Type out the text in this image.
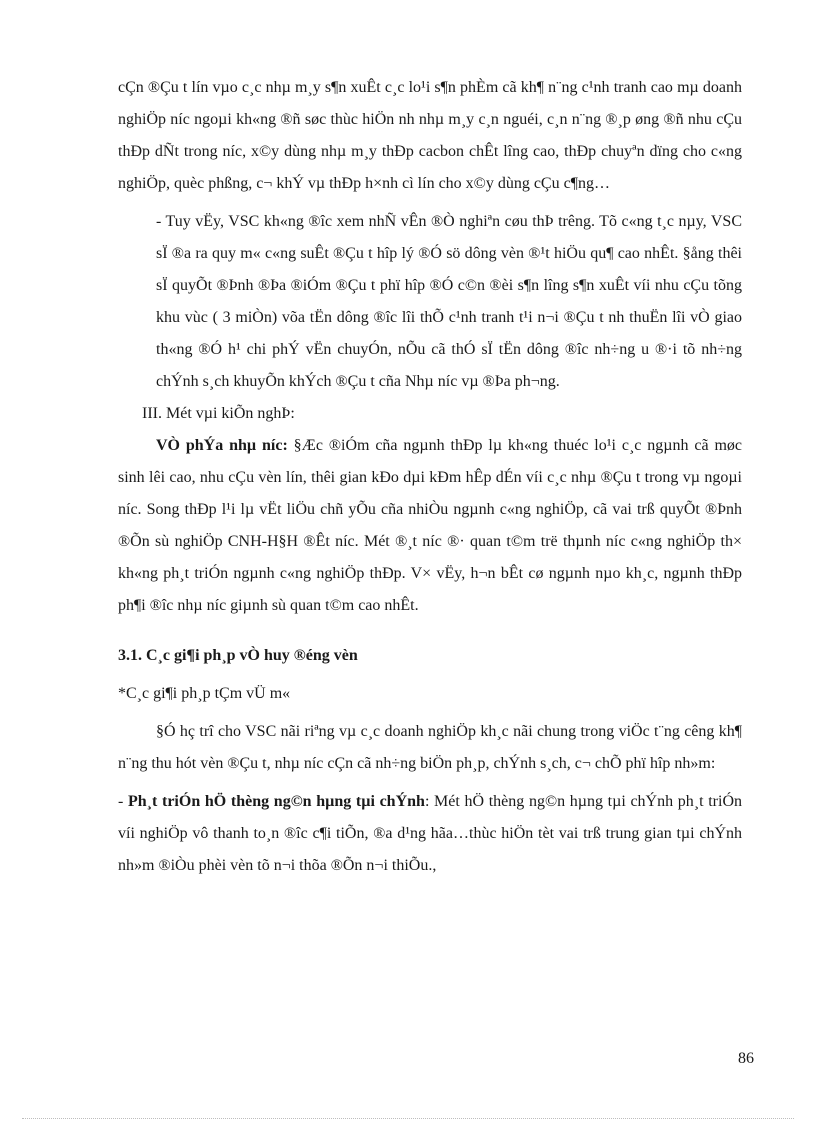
cÇn ®Çu t lín vµo c¸c nhµ m¸y s¶n xuÊt c¸c lo¹i s¶n phÈm cã kh¶ n¨ng c¹nh tranh cao mµ doanh nghiÖp níc ngoµi kh«ng ®ñ søc thùc hiÖn nh nhµ m¸y c¸n nguéi, c¸n n¨ng ®¸p øng ®ñ nhu cÇu thÐp dÑt trong níc, x©y dùng nhµ m¸y thÐp cacbon chÊt lîng cao, thÐp chuyªn dïng cho c«ng nghiÖp, quèc phßng, c¬ khÝ vµ thÐp h×nh cì lín cho x©y dùng cÇu c¶ng…

- Tuy vËy, VSC kh«ng ®îc xem nhÑ vÊn ®Ò nghiªn cøu thÞ trêng. Tõ c«ng t¸c nµy, VSC sÏ ®a ra quy m« c«ng suÊt ®Çu t hîp lý ®Ó sö dông vèn ®¹t hiÖu qu¶ cao nhÊt. §ång thêi sÏ quyÕt ®Þnh ®Þa ®iÓm ®Çu t phï hîp ®Ó c©n ®èi s¶n lîng s¶n xuÊt víi nhu cÇu tõng khu vùc ( 3 miÒn) võa tËn dông ®îc lîi thÕ c¹nh tranh t¹i n¬i ®Çu t nh thuËn lîi vÒ giao th«ng ®Ó h¹ chi phÝ vËn chuyÓn, nÕu cã thÓ sÏ tËn dông ®îc nh÷ng u ®·i tõ nh÷ng chÝnh s¸ch khuyÕn khÝch ®Çu t cña Nhµ níc vµ ®Þa ph¬ng.

III. Mét vµi kiÕn nghÞ:

VÒ phÝa nhµ níc: §Æc ®iÓm cña ngµnh thÐp lµ kh«ng thuéc lo¹i c¸c ngµnh cã møc sinh lêi cao, nhu cÇu vèn lín, thêi gian kÐo dµi kÐm hÊp dÉn víi c¸c nhµ ®Çu t trong vµ ngoµi níc. Song thÐp l¹i lµ vËt liÖu chñ yÕu cña nhiÒu ngµnh c«ng nghiÖp, cã vai trß quyÕt ®Þnh ®Õn sù nghiÖp CNH-H§H ®Êt níc. Mét ®¸t níc ®· quan t©m trë thµnh níc c«ng nghiÖp th× kh«ng ph¸t triÓn ngµnh c«ng nghiÖp thÐp. V× vËy, h¬n bÊt cø ngµnh nµo kh¸c, ngµnh thÐp ph¶i ®îc nhµ níc giµnh sù quan t©m cao nhÊt.

3.1. C¸c gi¶i ph¸p vÒ huy ®éng vèn

*C¸c gi¶i ph¸p tÇm vÜ m«

§Ó hç trî cho VSC nãi riªng vµ c¸c doanh nghiÖp kh¸c nãi chung trong viÖc t¨ng cêng kh¶ n¨ng thu hót vèn ®Çu t, nhµ níc cÇn cã nh÷ng biÖn ph¸p, chÝnh s¸ch, c¬ chÕ phï hîp nh»m:

- Ph¸t triÓn hÖ thèng ng©n hµng tµi chÝnh: Mét hÖ thèng ng©n hµng tµi chÝnh ph¸t triÓn víi nghiÖp vô thanh to¸n ®îc c¶i tiÕn, ®a d¹ng hãa…thùc hiÖn tèt vai trß trung gian tµi chÝnh nh»m ®iÒu phèi vèn tõ n¬i thõa ®Õn n¬i thiÕu.,

86
